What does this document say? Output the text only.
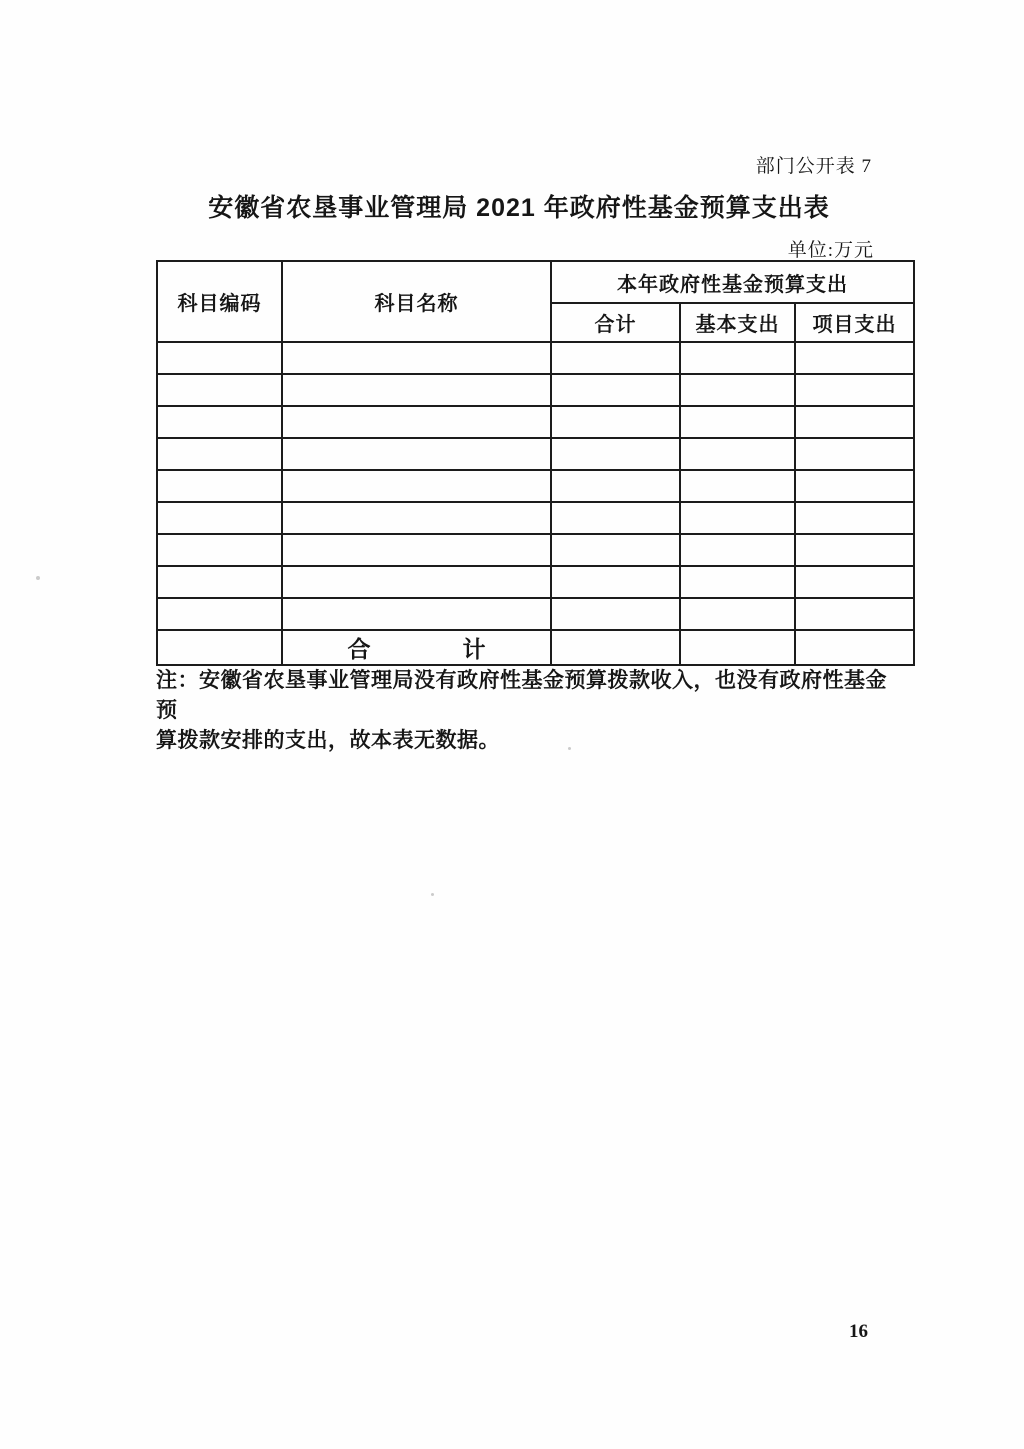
部门公开表 7
安徽省农垦事业管理局 2021 年政府性基金预算支出表
单位:万元
科目编码	科目名称	本年政府性基金预算支出		
		合计	基本支出	项目支出

	合　　　　计			
注：安徽省农垦事业管理局没有政府性基金预算拨款收入，也没有政府性基金预
算拨款安排的支出，故本表无数据。
16
